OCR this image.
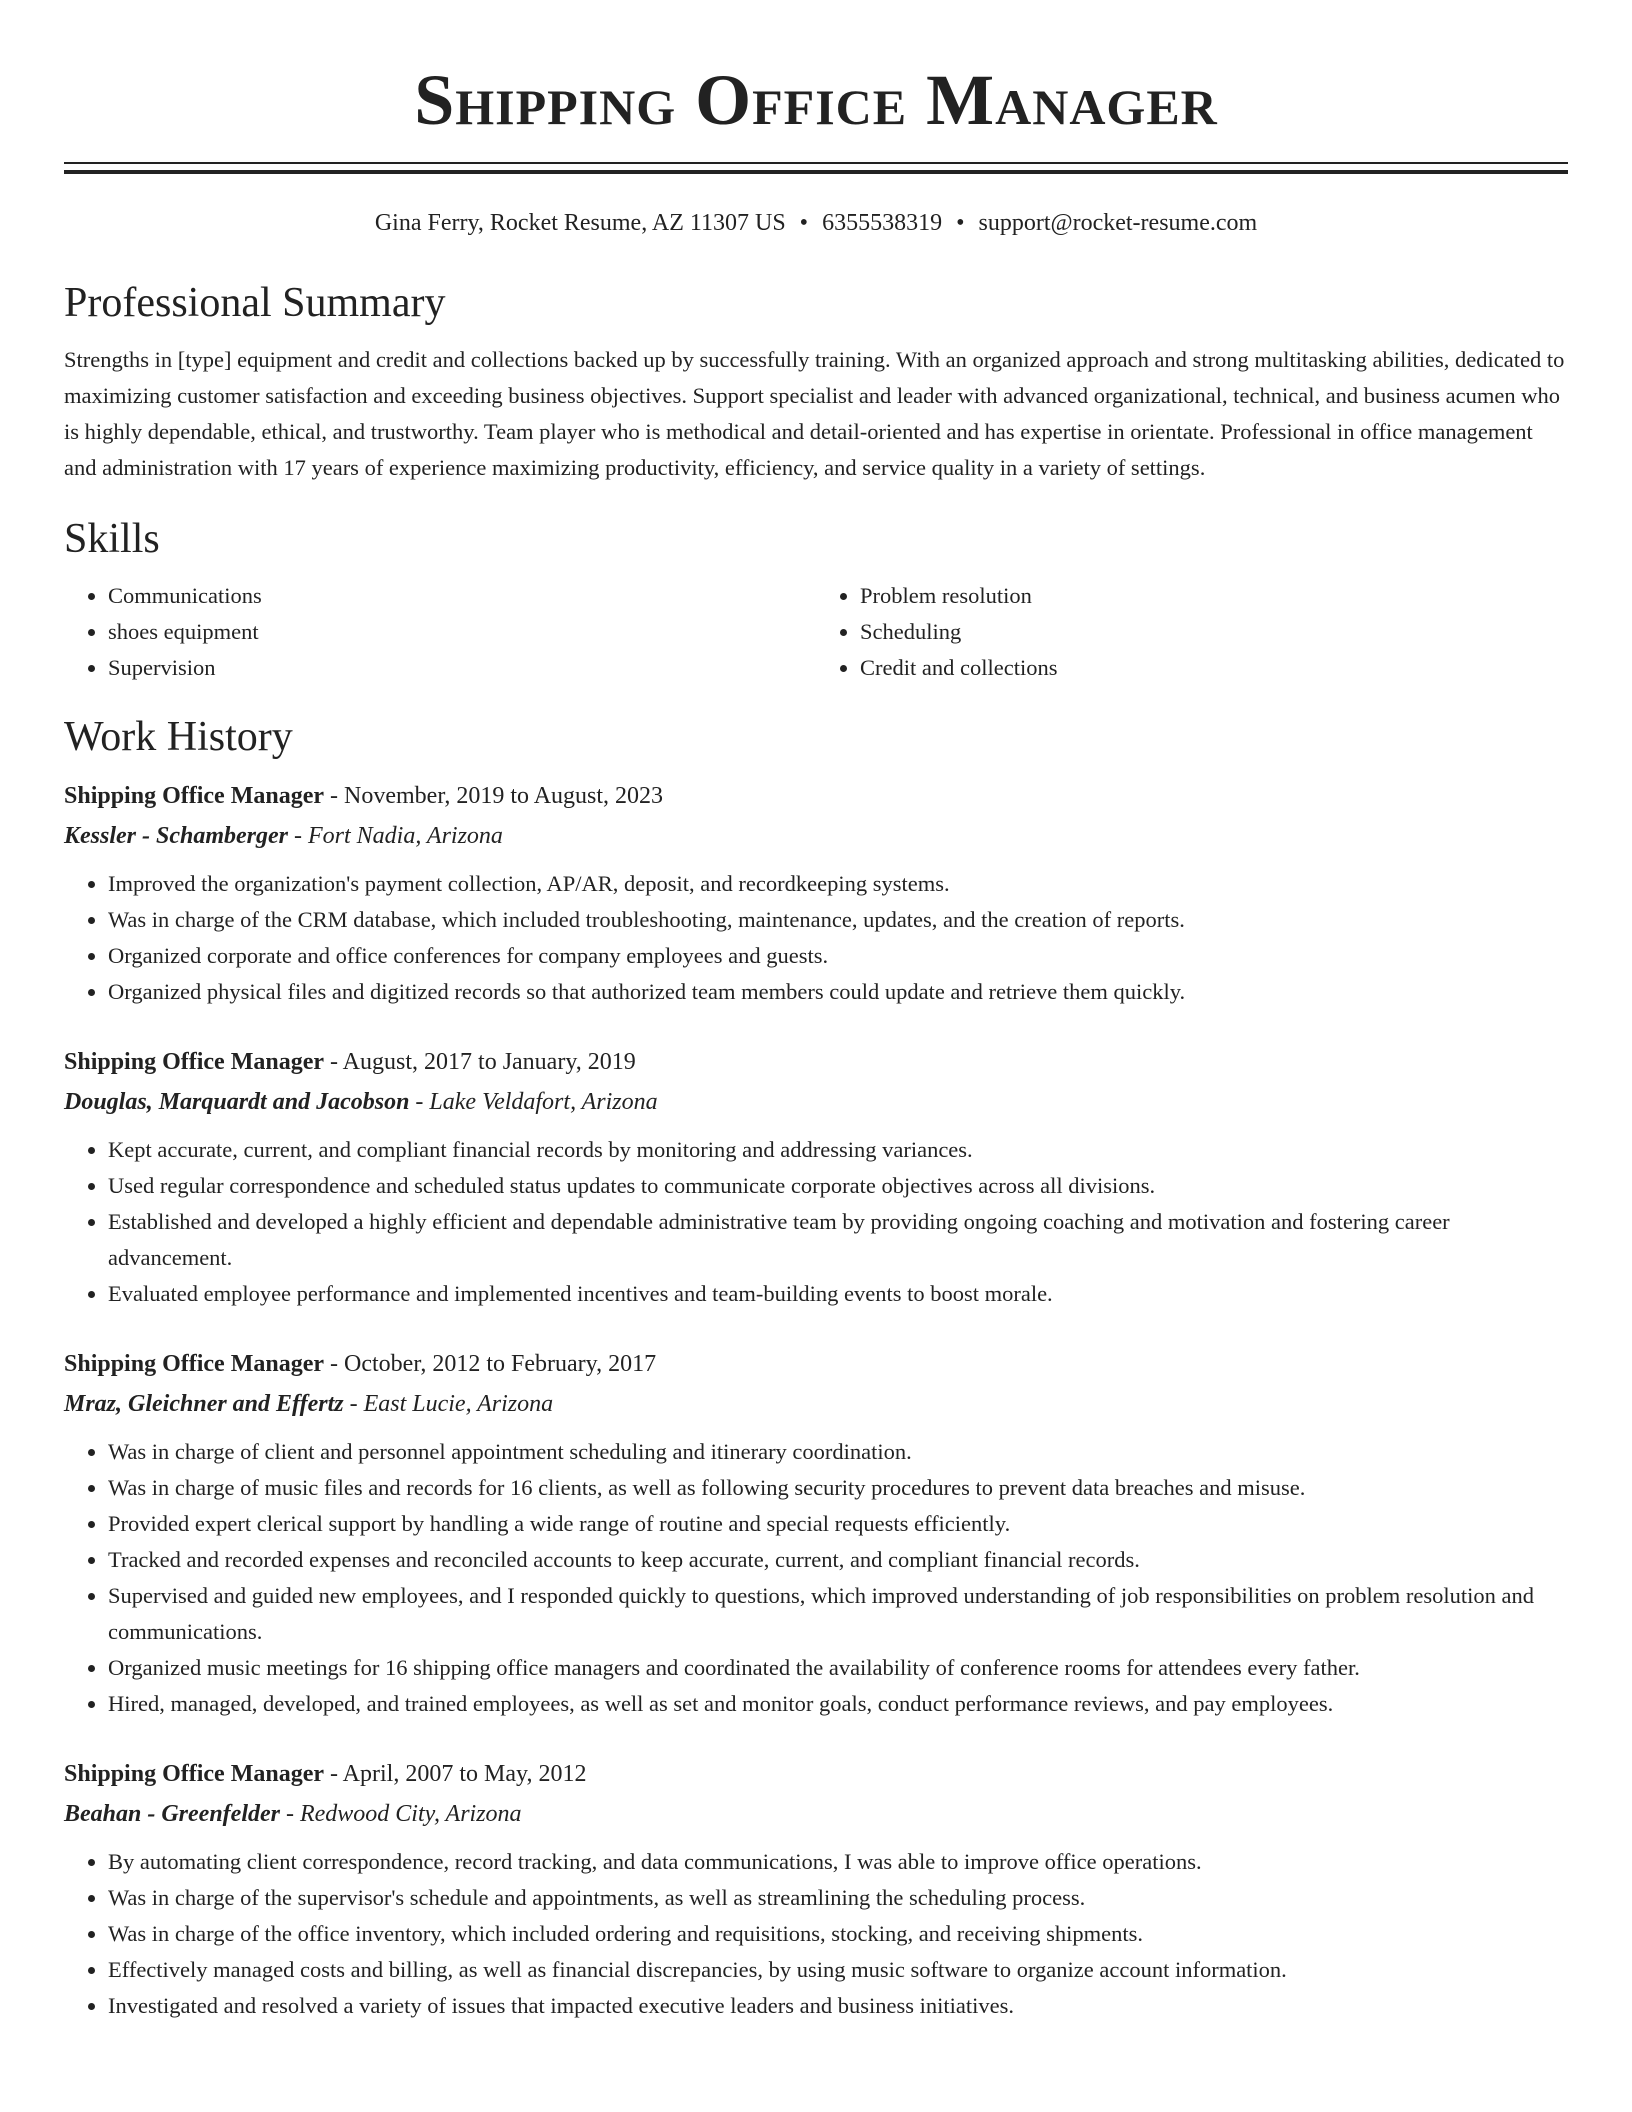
Shipping Office Manager
Gina Ferry, Rocket Resume, AZ 11307 US • 6355538319 • support@rocket-resume.com
Professional Summary

Strengths in [type] equipment and credit and collections backed up by successfully training. With an organized approach and strong multitasking abilities, dedicated to maximizing customer satisfaction and exceeding business objectives. Support specialist and leader with advanced organizational, technical, and business acumen who is highly dependable, ethical, and trustworthy. Team player who is methodical and detail-oriented and has expertise in orientate. Professional in office management and administration with 17 years of experience maximizing productivity, efficiency, and service quality in a variety of settings.

Skills
• Communications
• shoes equipment
• Supervision
• Problem resolution
• Scheduling
• Credit and collections
Work History
Shipping Office Manager - November, 2019 to August, 2023
Kessler - Schamberger - Fort Nadia, Arizona
• Improved the organization's payment collection, AP/AR, deposit, and recordkeeping systems.
• Was in charge of the CRM database, which included troubleshooting, maintenance, updates, and the creation of reports.
• Organized corporate and office conferences for company employees and guests.
• Organized physical files and digitized records so that authorized team members could update and retrieve them quickly.
Shipping Office Manager - August, 2017 to January, 2019
Douglas, Marquardt and Jacobson - Lake Veldafort, Arizona
• Kept accurate, current, and compliant financial records by monitoring and addressing variances.
• Used regular correspondence and scheduled status updates to communicate corporate objectives across all divisions.
• Established and developed a highly efficient and dependable administrative team by providing ongoing coaching and motivation and fostering career advancement.
• Evaluated employee performance and implemented incentives and team-building events to boost morale.
Shipping Office Manager - October, 2012 to February, 2017
Mraz, Gleichner and Effertz - East Lucie, Arizona
• Was in charge of client and personnel appointment scheduling and itinerary coordination.
• Was in charge of music files and records for 16 clients, as well as following security procedures to prevent data breaches and misuse.
• Provided expert clerical support by handling a wide range of routine and special requests efficiently.
• Tracked and recorded expenses and reconciled accounts to keep accurate, current, and compliant financial records.
• Supervised and guided new employees, and I responded quickly to questions, which improved understanding of job responsibilities on problem resolution and communications.
• Organized music meetings for 16 shipping office managers and coordinated the availability of conference rooms for attendees every father.
• Hired, managed, developed, and trained employees, as well as set and monitor goals, conduct performance reviews, and pay employees.
Shipping Office Manager - April, 2007 to May, 2012
Beahan - Greenfelder - Redwood City, Arizona
• By automating client correspondence, record tracking, and data communications, I was able to improve office operations.
• Was in charge of the supervisor's schedule and appointments, as well as streamlining the scheduling process.
• Was in charge of the office inventory, which included ordering and requisitions, stocking, and receiving shipments.
• Effectively managed costs and billing, as well as financial discrepancies, by using music software to organize account information.
• Investigated and resolved a variety of issues that impacted executive leaders and business initiatives.
